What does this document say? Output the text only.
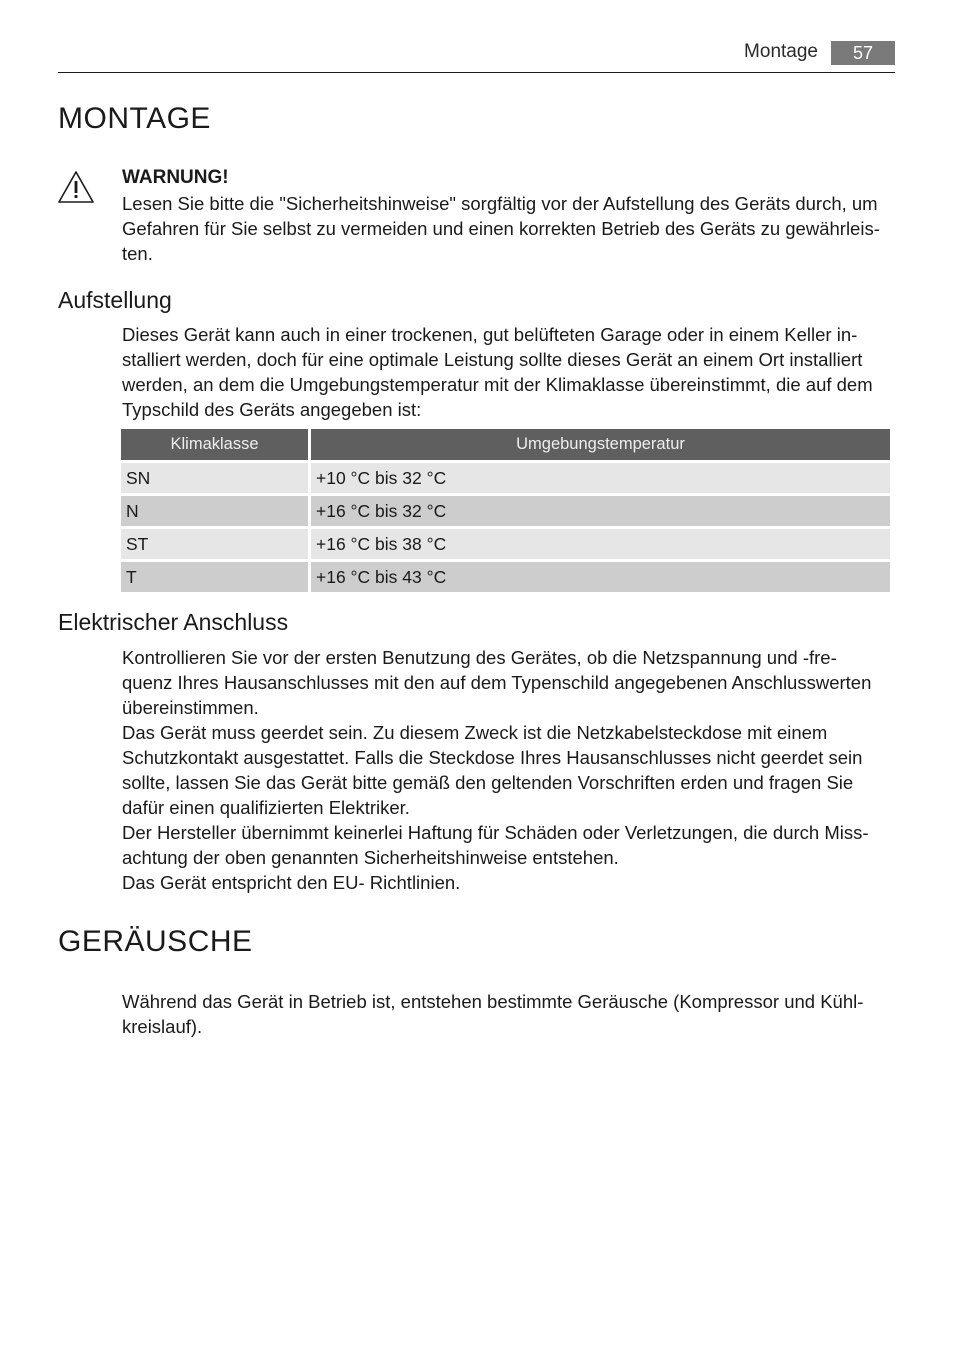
Montage	57
MONTAGE

WARNUNG!

Lesen Sie bitte die "Sicherheitshinweise" sorgfältig vor der Aufstellung des Geräts durch, um
Gefahren für Sie selbst zu vermeiden und einen korrekten Betrieb des Geräts zu gewährleis-
ten.

Aufstellung

Dieses Gerät kann auch in einer trockenen, gut belüfteten Garage oder in einem Keller in-
stalliert werden, doch für eine optimale Leistung sollte dieses Gerät an einem Ort installiert
werden, an dem die Umgebungstemperatur mit der Klimaklasse übereinstimmt, die auf dem
Typschild des Geräts angegeben ist:

Klimaklasse	Umgebungstemperatur
SN	+10 °C bis 32 °C
N	+16 °C bis 32 °C
ST	+16 °C bis 38 °C
T	+16 °C bis 43 °C
Elektrischer Anschluss

Kontrollieren Sie vor der ersten Benutzung des Gerätes, ob die Netzspannung und -fre-
quenz Ihres Hausanschlusses mit den auf dem Typenschild angegebenen Anschlusswerten
übereinstimmen.
Das Gerät muss geerdet sein. Zu diesem Zweck ist die Netzkabelsteckdose mit einem
Schutzkontakt ausgestattet. Falls die Steckdose Ihres Hausanschlusses nicht geerdet sein
sollte, lassen Sie das Gerät bitte gemäß den geltenden Vorschriften erden und fragen Sie
dafür einen qualifizierten Elektriker.
Der Hersteller übernimmt keinerlei Haftung für Schäden oder Verletzungen, die durch Miss-
achtung der oben genannten Sicherheitshinweise entstehen.
Das Gerät entspricht den EU- Richtlinien.

GERÄUSCHE

Während das Gerät in Betrieb ist, entstehen bestimmte Geräusche (Kompressor und Kühl-
kreislauf).
